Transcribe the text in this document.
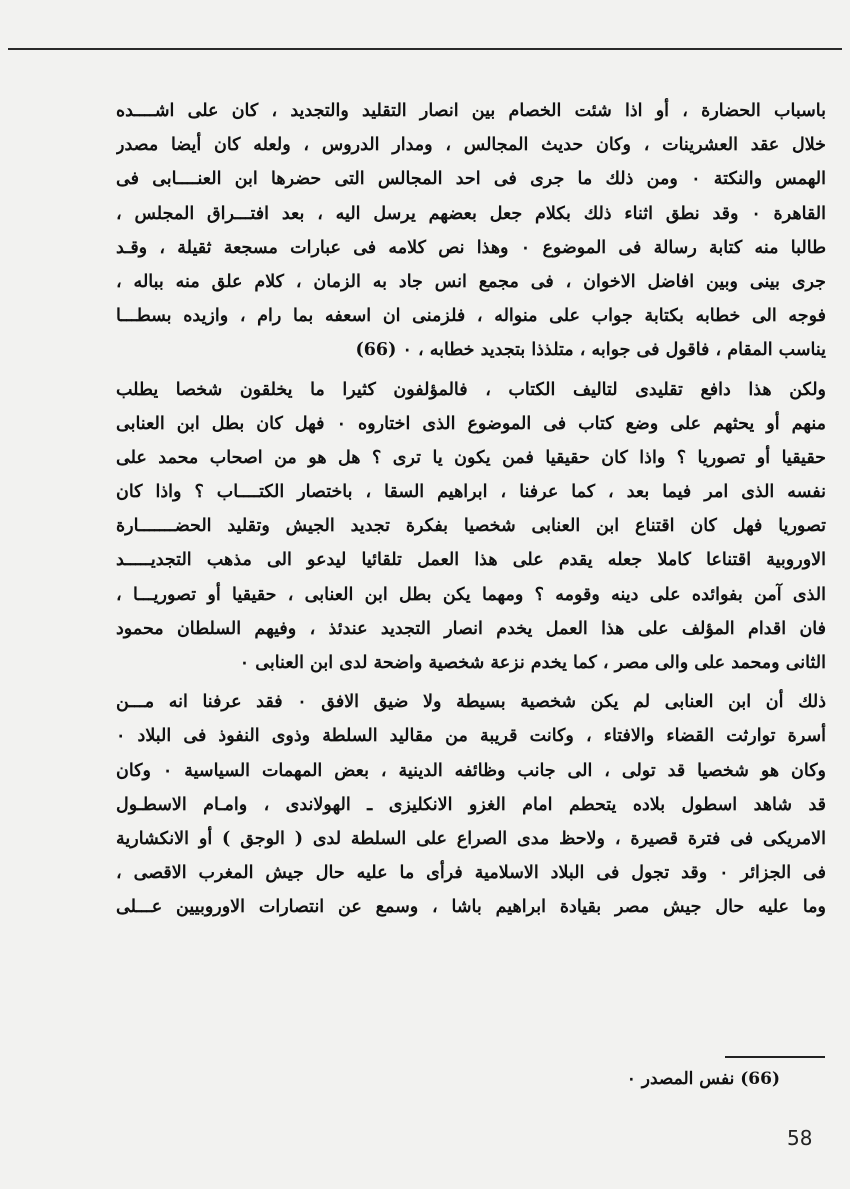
باسباب الحضارة ، أو اذا شئت الخصام بين انصار التقليد والتجديد ، كان على اشــــده
خلال عقد العشرينات ، وكان حديث المجالس ، ومدار الدروس ، ولعله كان أيضا مصدر
الهمس والنكتة ٠ ومن ذلك ما جرى فى احد المجالس التى حضرها ابن العنــــابى فى
القاهرة ٠ وقد نطق اثناء ذلك بكلام جعل بعضهم يرسل اليه ، بعد افتـــراق المجلس ،
طالبا منه كتابة رسالة فى الموضوع ٠ وهذا نص كلامه فى عبارات مسجعة ثقيلة ، وقـد
جرى بينى وبين افاضل الاخوان ، فى مجمع انس جاد به الزمان ، كلام علق منه بباله ،
فوجه الى خطابه بكتابة جواب على منواله ، فلزمنى ان اسعفه بما رام ، وازيده بسطـــا
يناسب المقام ، فاقول فى جوابه ، متلذذا بتجديد خطابه ، ٠ (66)
ولكن هذا دافع تقليدى لتاليف الكتاب ، فالمؤلفون كثيرا ما يخلقون شخصا يطلب
منهم أو يحثهم على وضع كتاب فى الموضوع الذى اختاروه ٠ فهل كان بطل ابن العنابى
حقيقيا أو تصوريا ؟ واذا كان حقيقيا فمن يكون يا ترى ؟ هل هو من اصحاب محمد على
نفسه الذى امر فيما بعد ، كما عرفنا ، ابراهيم السقا ، باختصار الكتــــاب ؟ واذا كان
تصوريا فهل كان اقتناع ابن العنابى شخصيا بفكرة تجديد الجيش وتقليد الحضـــــــارة
الاوروبية اقتناعا كاملا جعله يقدم على هذا العمل تلقائيا ليدعو الى مذهب التجديـــــد
الذى آمن بفوائده على دينه وقومه ؟ ومهما يكن بطل ابن العنابى ، حقيقيا أو تصوريـــا ،
فان اقدام المؤلف على هذا العمل يخدم انصار التجديد عندئذ ، وفيهم السلطان محمود
الثانى ومحمد على والى مصر ، كما يخدم نزعة شخصية واضحة لدى ابن العنابى ٠
ذلك أن ابن العنابى لم يكن شخصية بسيطة ولا ضيق الافق ٠ فقد عرفنا انه مـــن
أسرة توارثت القضاء والافتاء ، وكانت قريبة من مقاليد السلطة وذوى النفوذ فى البلاد ٠
وكان هو شخصيا قد تولى ، الى جانب وظائفه الدينية ، بعض المهمات السياسية ٠ وكان
قد شاهد اسطول بلاده يتحطم امام الغزو الانكليزى ـ الهولاندى ، وامـام الاسطـول
الامريكى فى فترة قصيرة ، ولاحظ مدى الصراع على السلطة لدى ( الوجق ) أو الانكشارية
فى الجزائر ٠ وقد تجول فى البلاد الاسلامية فرأى ما عليه حال جيش المغرب الاقصى ،
وما عليه حال جيش مصر بقيادة ابراهيم باشا ، وسمع عن انتصارات الاوروبيين عـــلى
(66) نفس المصدر ٠
58
